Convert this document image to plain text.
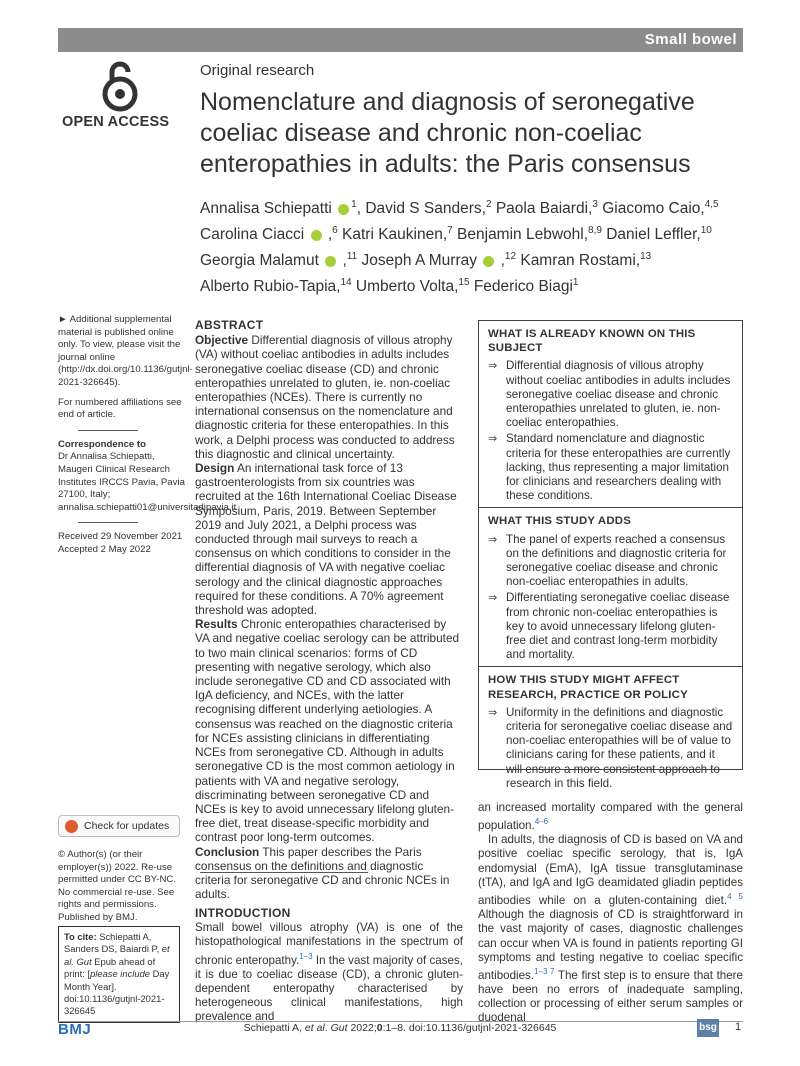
Small bowel
OPEN ACCESS
Original research
Nomenclature and diagnosis of seronegative coeliac disease and chronic non-coeliac enteropathies in adults: the Paris consensus
Annalisa Schiepatti $^1$, David S Sanders,$^2$ Paola Baiardi,$^3$ Giacomo Caio,$^{4,5}$
Carolina Ciacci  ,$^6$ Katri Kaukinen,$^7$ Benjamin Lebwohl,$^{8,9}$ Daniel Leffler,$^{10}$
Georgia Malamut  ,$^{11}$ Joseph A Murray  ,$^{12}$ Kamran Rostami,$^{13}$
Alberto Rubio-Tapia,$^{14}$ Umberto Volta,$^{15}$ Federico Biagi$^1$

► Additional supplemental material is published online only. To view, please visit the journal online (http://dx.doi.org/10.1136/gutjnl-2021-326645).

For numbered affiliations see end of article.

Correspondence to

Dr Annalisa Schiepatti, Maugeri Clinical Research Institutes IRCCS Pavia, Pavia 27100, Italy; annalisa.schiepatti01@universitadipavia.it

Received 29 November 2021

Accepted 2 May 2022

Check for updates
© Author(s) (or their employer(s)) 2022. Re-use permitted under CC BY-NC. No commercial re-use. See rights and permissions. Published by BMJ.
To cite: Schiepatti A, Sanders DS, Baiardi P, et al. Gut Epub ahead of print: [please include Day Month Year]. doi:10.1136/gutjnl-2021-326645
ABSTRACT

Objective Differential diagnosis of villous atrophy (VA) without coeliac antibodies in adults includes seronegative coeliac disease (CD) and chronic enteropathies unrelated to gluten, ie. non-coeliac enteropathies (NCEs). There is currently no international consensus on the nomenclature and diagnostic criteria for these enteropathies. In this work, a Delphi process was conducted to address this diagnostic and clinical uncertainty.

Design An international task force of 13 gastroenterologists from six countries was recruited at the 16th International Coeliac Disease Symposium, Paris, 2019. Between September 2019 and July 2021, a Delphi process was conducted through mail surveys to reach a consensus on which conditions to consider in the differential diagnosis of VA with negative coeliac serology and the clinical diagnostic approaches required for these conditions. A 70% agreement threshold was adopted.

Results Chronic enteropathies characterised by VA and negative coeliac serology can be attributed to two main clinical scenarios: forms of CD presenting with negative serology, which also include seronegative CD and CD associated with IgA deficiency, and NCEs, with the latter recognising different underlying aetiologies. A consensus was reached on the diagnostic criteria for NCEs assisting clinicians in differentiating NCEs from seronegative CD. Although in adults seronegative CD is the most common aetiology in patients with VA and negative serology, discriminating between seronegative CD and NCEs is key to avoid unnecessary lifelong gluten-free diet, treat disease-specific morbidity and contrast poor long-term outcomes.

Conclusion This paper describes the Paris consensus on the definitions and diagnostic criteria for seronegative CD and chronic NCEs in adults.

INTRODUCTION

Small bowel villous atrophy (VA) is one of the histopathological manifestations in the spectrum of chronic enteropathy.$^{1-3}$ In the vast majority of cases, it is due to coeliac disease (CD), a chronic gluten-dependent enteropathy characterised by heterogeneous clinical manifestations, high prevalence and

WHAT IS ALREADY KNOWN ON THIS SUBJECT
⇒ Differential diagnosis of villous atrophy without coeliac antibodies in adults includes seronegative coeliac disease and chronic enteropathies unrelated to gluten, ie. non-coeliac enteropathies.
⇒ Standard nomenclature and diagnostic criteria for these enteropathies are currently lacking, thus representing a major limitation for clinicians and researchers dealing with these conditions.
WHAT THIS STUDY ADDS
⇒ The panel of experts reached a consensus on the definitions and diagnostic criteria for seronegative coeliac disease and chronic non-coeliac enteropathies in adults.
⇒ Differentiating seronegative coeliac disease from chronic non-coeliac enteropathies is key to avoid unnecessary lifelong gluten-free diet and contrast long-term morbidity and mortality.
HOW THIS STUDY MIGHT AFFECT RESEARCH, PRACTICE OR POLICY
⇒ Uniformity in the definitions and diagnostic criteria for seronegative coeliac disease and non-coeliac enteropathies will be of value to clinicians caring for these patients, and it will ensure a more consistent approach to research in this field.

an increased mortality compared with the general population.$^{4-6}$

In adults, the diagnosis of CD is based on VA and positive coeliac specific serology, that is, IgA endomysial (EmA), IgA tissue transglutaminase (tTA), and IgA and IgG deamidated gliadin peptides antibodies while on a gluten-containing diet.$^{4 5}$ Although the diagnosis of CD is straightforward in the vast majority of cases, diagnostic challenges can occur when VA is found in patients reporting GI symptoms and testing negative to coeliac specific antibodies.$^{1-3 7}$ The first step is to ensure that there have been no errors of inadequate sampling, collection or processing of either serum samples or duodenal

BMJ	Schiepatti A, et al. Gut 2022;0:1–8. doi:10.1136/gutjnl-2021-326645	bsg 1
